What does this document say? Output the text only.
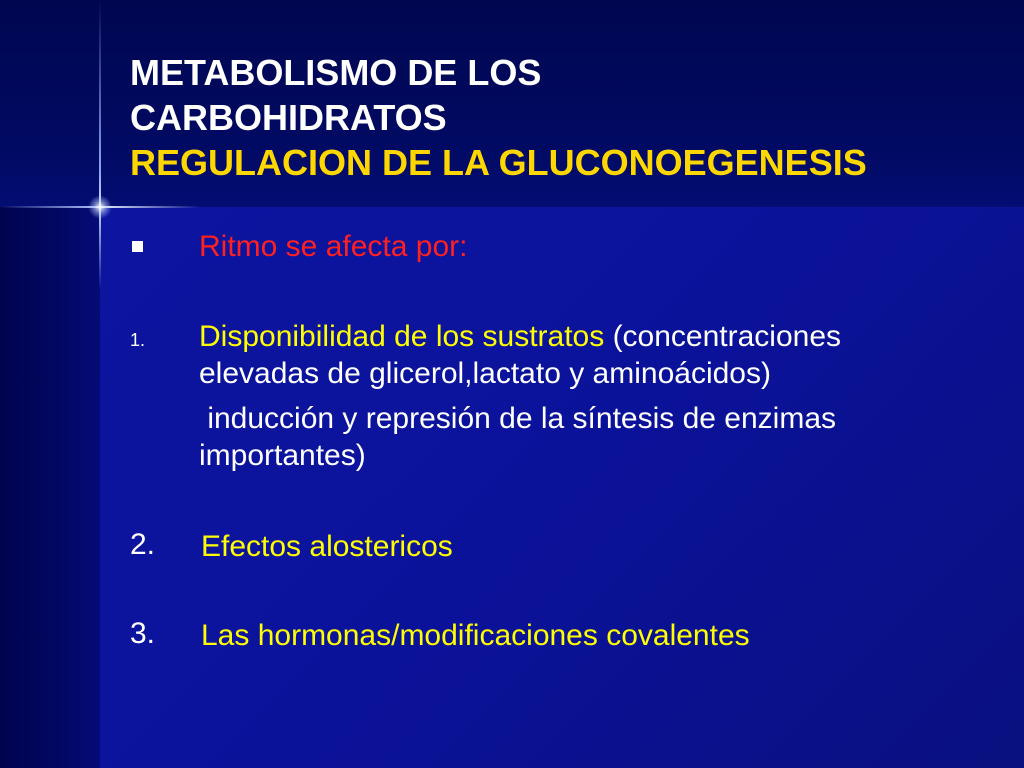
METABOLISMO DE LOS
CARBOHIDRATOS
REGULACION DE LA GLUCONOEGENESIS
Ritmo se afecta por:
1. Disponibilidad de los sustratos (concentraciones
elevadas de glicerol,lactato y aminoácidos)
inducción y represión de la síntesis de enzimas
importantes)
2. Efectos alostericos
3. Las hormonas/modificaciones covalentes
